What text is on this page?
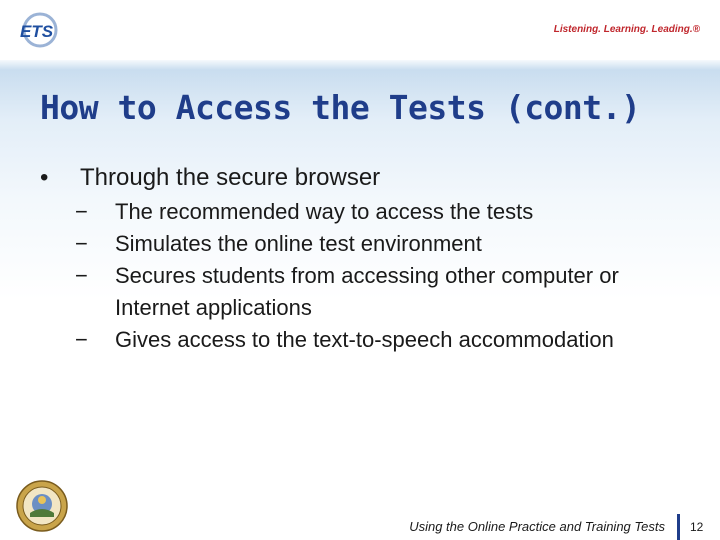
ETS	Listening. Learning. Leading.®
How to Access the Tests (cont.)
•	Through the secure browser
−	The recommended way to access the tests
−	Simulates the online test environment
−	Secures students from accessing other computer or Internet applications
−	Gives access to the text-to-speech accommodation
Using the Online Practice and Training Tests 12
